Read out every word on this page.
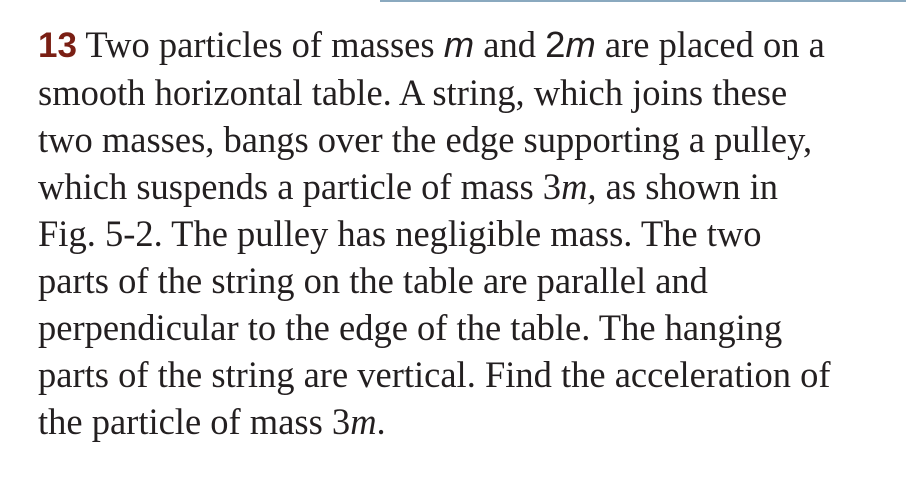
13 Two particles of masses m and 2m are placed on a
smooth horizontal table. A string, which joins these
two masses, bangs over the edge supporting a pulley,
which suspends a particle of mass 3m, as shown in
Fig. 5-2. The pulley has negligible mass. The two
parts of the string on the table are parallel and
perpendicular to the edge of the table. The hanging
parts of the string are vertical. Find the acceleration of
the particle of mass 3m.
